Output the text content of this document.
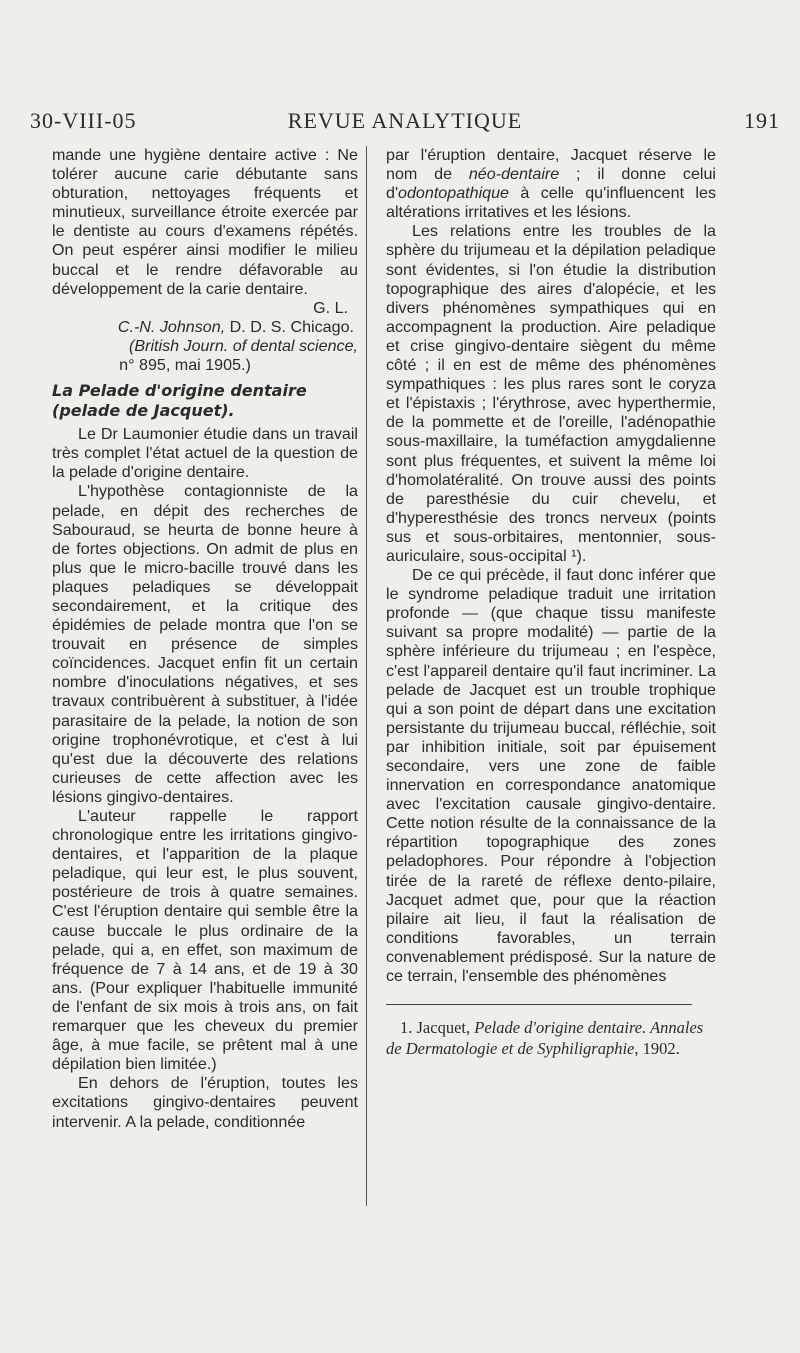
30-VIII-05	REVUE ANALYTIQUE	191

mande une hygiène dentaire active : Ne tolérer aucune carie débutante sans obturation, nettoyages fréquents et minutieux, surveillance étroite exercée par le dentiste au cours d'examens répétés. On peut espérer ainsi modifier le milieu buccal et le rendre défavorable au développement de la carie dentaire.

G. L.

C.-N. Johnson, D. D. S. Chicago.

(British Journ. of dental science,

n° 895, mai 1905.)

La Pelade d'origine dentaire (pelade de Jacquet).

Le Dr Laumonier étudie dans un travail très complet l'état actuel de la question de la pelade d'origine dentaire.

L'hypothèse contagionniste de la pelade, en dépit des recherches de Sabouraud, se heurta de bonne heure à de fortes objections. On admit de plus en plus que le micro-bacille trouvé dans les plaques peladiques se développait secondairement, et la critique des épidémies de pelade montra que l'on se trouvait en présence de simples coïncidences. Jacquet enfin fit un certain nombre d'inoculations négatives, et ses travaux contribuèrent à substituer, à l'idée parasitaire de la pelade, la notion de son origine trophonévrotique, et c'est à lui qu'est due la découverte des relations curieuses de cette affection avec les lésions gingivo-dentaires.

L'auteur rappelle le rapport chronologique entre les irritations gingivo-dentaires, et l'apparition de la plaque peladique, qui leur est, le plus souvent, postérieure de trois à quatre semaines. C'est l'éruption dentaire qui semble être la cause buccale le plus ordinaire de la pelade, qui a, en effet, son maximum de fréquence de 7 à 14 ans, et de 19 à 30 ans. (Pour expliquer l'habituelle immunité de l'enfant de six mois à trois ans, on fait remarquer que les cheveux du premier âge, à mue facile, se prêtent mal à une dépilation bien limitée.)

En dehors de l'éruption, toutes les excitations gingivo-dentaires peuvent intervenir. A la pelade, conditionnée

par l'éruption dentaire, Jacquet réserve le nom de néo-dentaire ; il donne celui d'odontopathique à celle qu'influencent les altérations irritatives et les lésions.

Les relations entre les troubles de la sphère du trijumeau et la dépilation peladique sont évidentes, si l'on étudie la distribution topographique des aires d'alopécie, et les divers phénomènes sympathiques qui en accompagnent la production. Aire peladique et crise gingivo-dentaire siègent du même côté ; il en est de même des phénomènes sympathiques : les plus rares sont le coryza et l'épistaxis ; l'érythrose, avec hyperthermie, de la pommette et de l'oreille, l'adénopathie sous-maxillaire, la tuméfaction amygdalienne sont plus fréquentes, et suivent la même loi d'homolatéralité. On trouve aussi des points de paresthésie du cuir chevelu, et d'hyperesthésie des troncs nerveux (points sus et sous-orbitaires, mentonnier, sous-auriculaire, sous-occipital ¹).

De ce qui précède, il faut donc inférer que le syndrome peladique traduit une irritation profonde — (que chaque tissu manifeste suivant sa propre modalité) — partie de la sphère inférieure du trijumeau ; en l'espèce, c'est l'appareil dentaire qu'il faut incriminer. La pelade de Jacquet est un trouble trophique qui a son point de départ dans une excitation persistante du trijumeau buccal, réfléchie, soit par inhibition initiale, soit par épuisement secondaire, vers une zone de faible innervation en correspondance anatomique avec l'excitation causale gingivo-dentaire. Cette notion résulte de la connaissance de la répartition topographique des zones peladophores. Pour répondre à l'objection tirée de la rareté de réflexe dento-pilaire, Jacquet admet que, pour que la réaction pilaire ait lieu, il faut la réalisation de conditions favorables, un terrain convenablement prédisposé. Sur la nature de ce terrain, l'ensemble des phénomènes

1. Jacquet, Pelade d'origine dentaire. Annales de Dermatologie et de Syphiligraphie, 1902.
